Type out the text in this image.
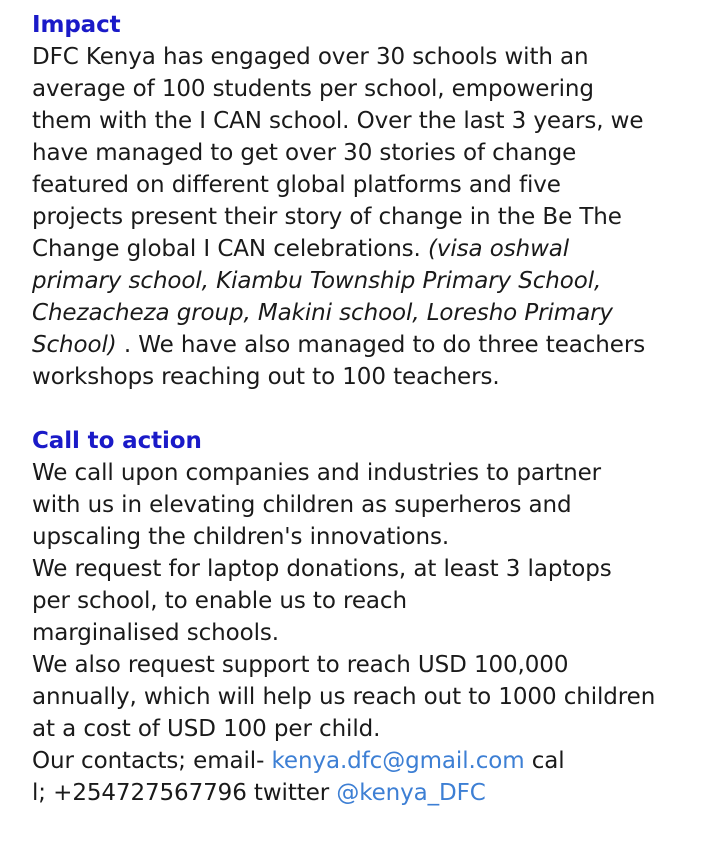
Impact
DFC Kenya has engaged over 30 schools with an
average of 100 students per school, empowering
them with the I CAN school. Over the last 3 years, we
have managed to get over 30 stories of change
featured on different global platforms and five
projects present their story of change in the Be The
Change global I CAN celebrations. (visa oshwal
primary school, Kiambu Township Primary School,
Chezacheza group, Makini school, Loresho Primary
School) . We have also managed to do three teachers
workshops reaching out to 100 teachers.
Call to action
We call upon companies and industries to partner
with us in elevating children as superheros and
upscaling the children's innovations.
We request for laptop donations, at least 3 laptops
per school, to enable us to reach
marginalised schools.
We also request support to reach USD 100,000
annually, which will help us reach out to 1000 children
at a cost of USD 100 per child.
Our contacts; email- kenya.dfc@gmail.com cal
l; +254727567796 twitter @kenya_DFC
